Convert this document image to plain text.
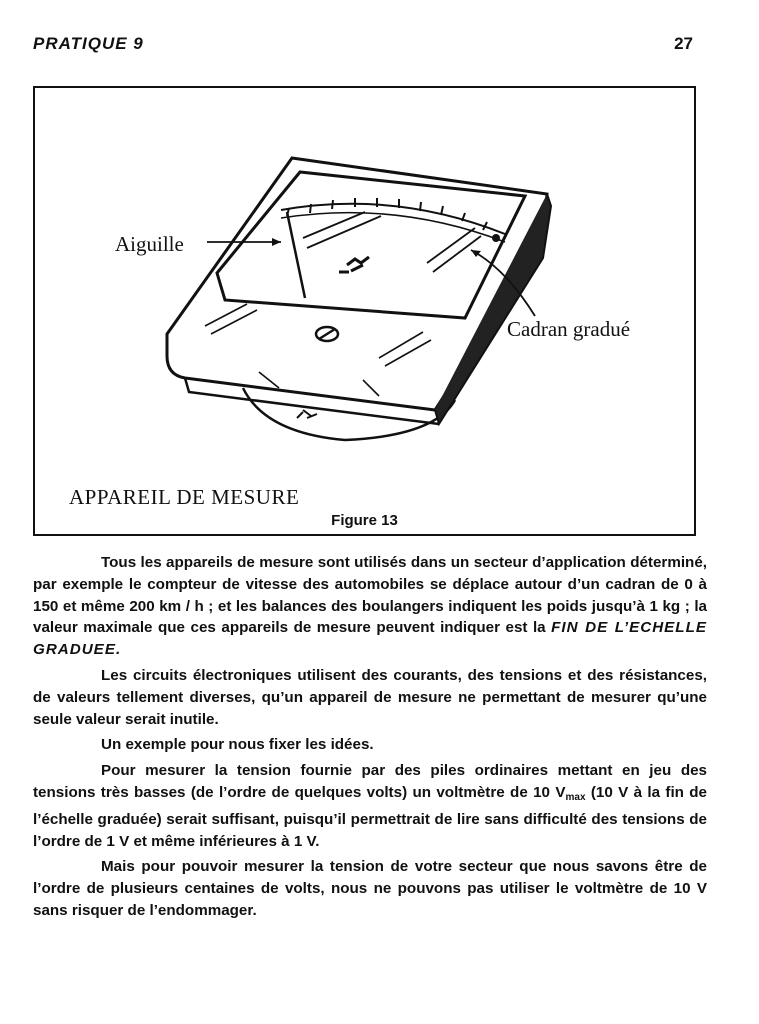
PRATIQUE 9	27
Aiguille
Cadran gradué
APPAREIL DE MESURE
Figure 13

Tous les appareils de mesure sont utilisés dans un secteur d’application déterminé, par exemple le compteur de vitesse des automobiles se déplace autour d’un cadran de 0 à 150 et même 200 km / h ; et les balances des boulangers indiquent les poids jusqu’à 1 kg ; la valeur maximale que ces appareils de mesure peuvent indiquer est la FIN DE L’ECHELLE GRADUEE.

Les circuits électroniques utilisent des courants, des tensions et des résistances, de valeurs tellement diverses, qu’un appareil de mesure ne permettant de mesurer qu’une seule valeur serait inutile.

Un exemple pour nous fixer les idées.

Pour mesurer la tension fournie par des piles ordinaires mettant en jeu des tensions très basses (de l’ordre de quelques volts) un voltmètre de 10 $V_{max}$ (10 V à la fin de l’échelle graduée) serait suffisant, puisqu’il permettrait de lire sans difficulté des tensions de l’ordre de 1 V et même inférieures à 1 V.

Mais pour pouvoir mesurer la tension de votre secteur que nous savons être de l’ordre de plusieurs centaines de volts, nous ne pouvons pas utiliser le voltmètre de 10 V sans risquer de l’endommager.
